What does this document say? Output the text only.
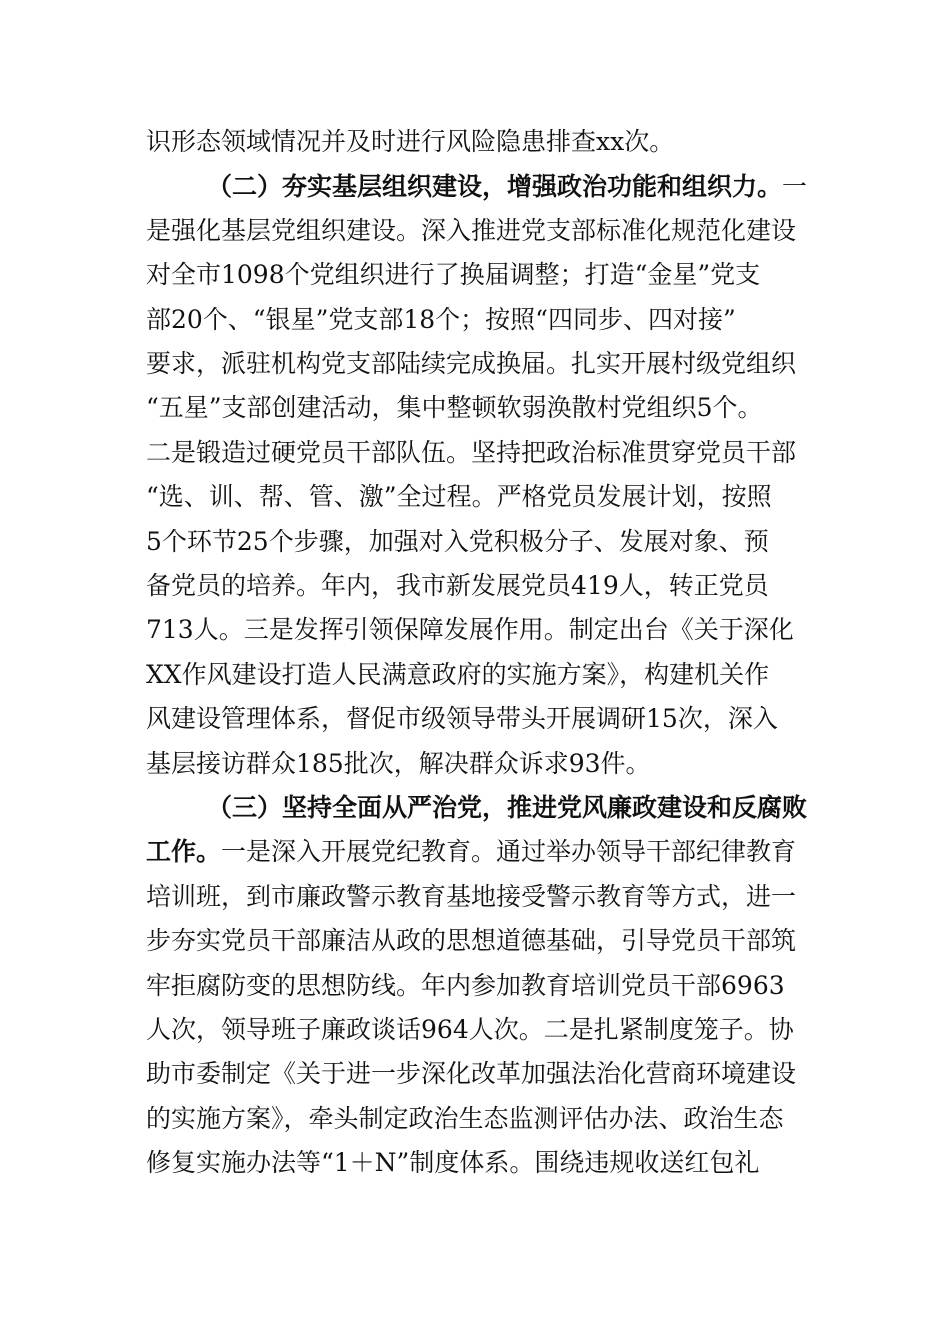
识形态领域情况并及时进行风险隐患排查xx次。
（二）夯实基层组织建设，增强政治功能和组织力。一
是强化基层党组织建设。深入推进党支部标准化规范化建设
对全市1098个党组织进行了换届调整；打造“金星”党支
部20个、“银星”党支部18个；按照“四同步、四对接”
要求，派驻机构党支部陆续完成换届。扎实开展村级党组织
“五星”支部创建活动，集中整顿软弱涣散村党组织5个。
二是锻造过硬党员干部队伍。坚持把政治标准贯穿党员干部
“选、训、帮、管、激”全过程。严格党员发展计划，按照
5个环节25个步骤，加强对入党积极分子、发展对象、预
备党员的培养。年内，我市新发展党员419人，转正党员
713人。三是发挥引领保障发展作用。制定出台《关于深化
XX作风建设打造人民满意政府的实施方案》，构建机关作
风建设管理体系，督促市级领导带头开展调研15次，深入
基层接访群众185批次，解决群众诉求93件。
（三）坚持全面从严治党，推进党风廉政建设和反腐败
工作。一是深入开展党纪教育。通过举办领导干部纪律教育
培训班，到市廉政警示教育基地接受警示教育等方式，进一
步夯实党员干部廉洁从政的思想道德基础，引导党员干部筑
牢拒腐防变的思想防线。年内参加教育培训党员干部6963
人次，领导班子廉政谈话964人次。二是扎紧制度笼子。协
助市委制定《关于进一步深化改革加强法治化营商环境建设
的实施方案》，牵头制定政治生态监测评估办法、政治生态
修复实施办法等“1＋N”制度体系。围绕违规收送红包礼
